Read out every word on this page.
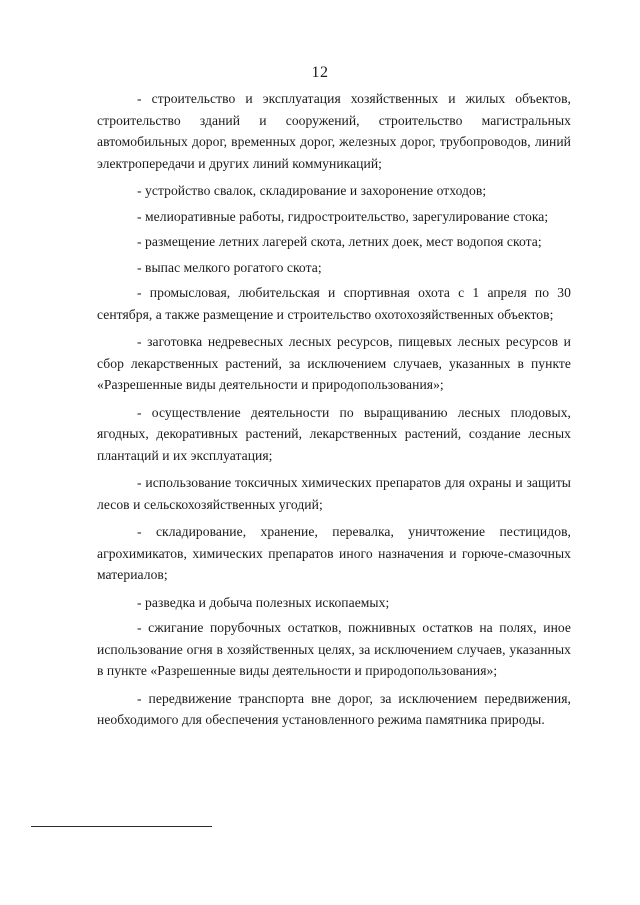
12

- строительство и эксплуатация хозяйственных и жилых объектов, строительство зданий и сооружений, строительство магистральных автомобильных дорог, временных дорог, железных дорог, трубопроводов, линий электропередачи и других линий коммуникаций;

- устройство свалок, складирование и захоронение отходов;

- мелиоративные работы, гидростроительство, зарегулирование стока;

- размещение летних лагерей скота, летних доек, мест водопоя скота;

- выпас мелкого рогатого скота;

- промысловая, любительская и спортивная охота с 1 апреля по 30 сентября, а также размещение и строительство охотохозяйственных объектов;

- заготовка недревесных лесных ресурсов, пищевых лесных ресурсов и сбор лекарственных растений, за исключением случаев, указанных в пункте «Разрешенные виды деятельности и природопользования»;

- осуществление деятельности по выращиванию лесных плодовых, ягодных, декоративных растений, лекарственных растений, создание лесных плантаций и их эксплуатация;

- использование токсичных химических препаратов для охраны и защиты лесов и сельскохозяйственных угодий;

- складирование, хранение, перевалка, уничтожение пестицидов, агрохимикатов, химических препаратов иного назначения и горюче-смазочных материалов;

- разведка и добыча полезных ископаемых;

- сжигание порубочных остатков, пожнивных остатков на полях, иное использование огня в хозяйственных целях, за исключением случаев, указанных в пункте «Разрешенные виды деятельности и природопользования»;

- передвижение транспорта вне дорог, за исключением передвижения, необходимого для обеспечения установленного режима памятника природы.
